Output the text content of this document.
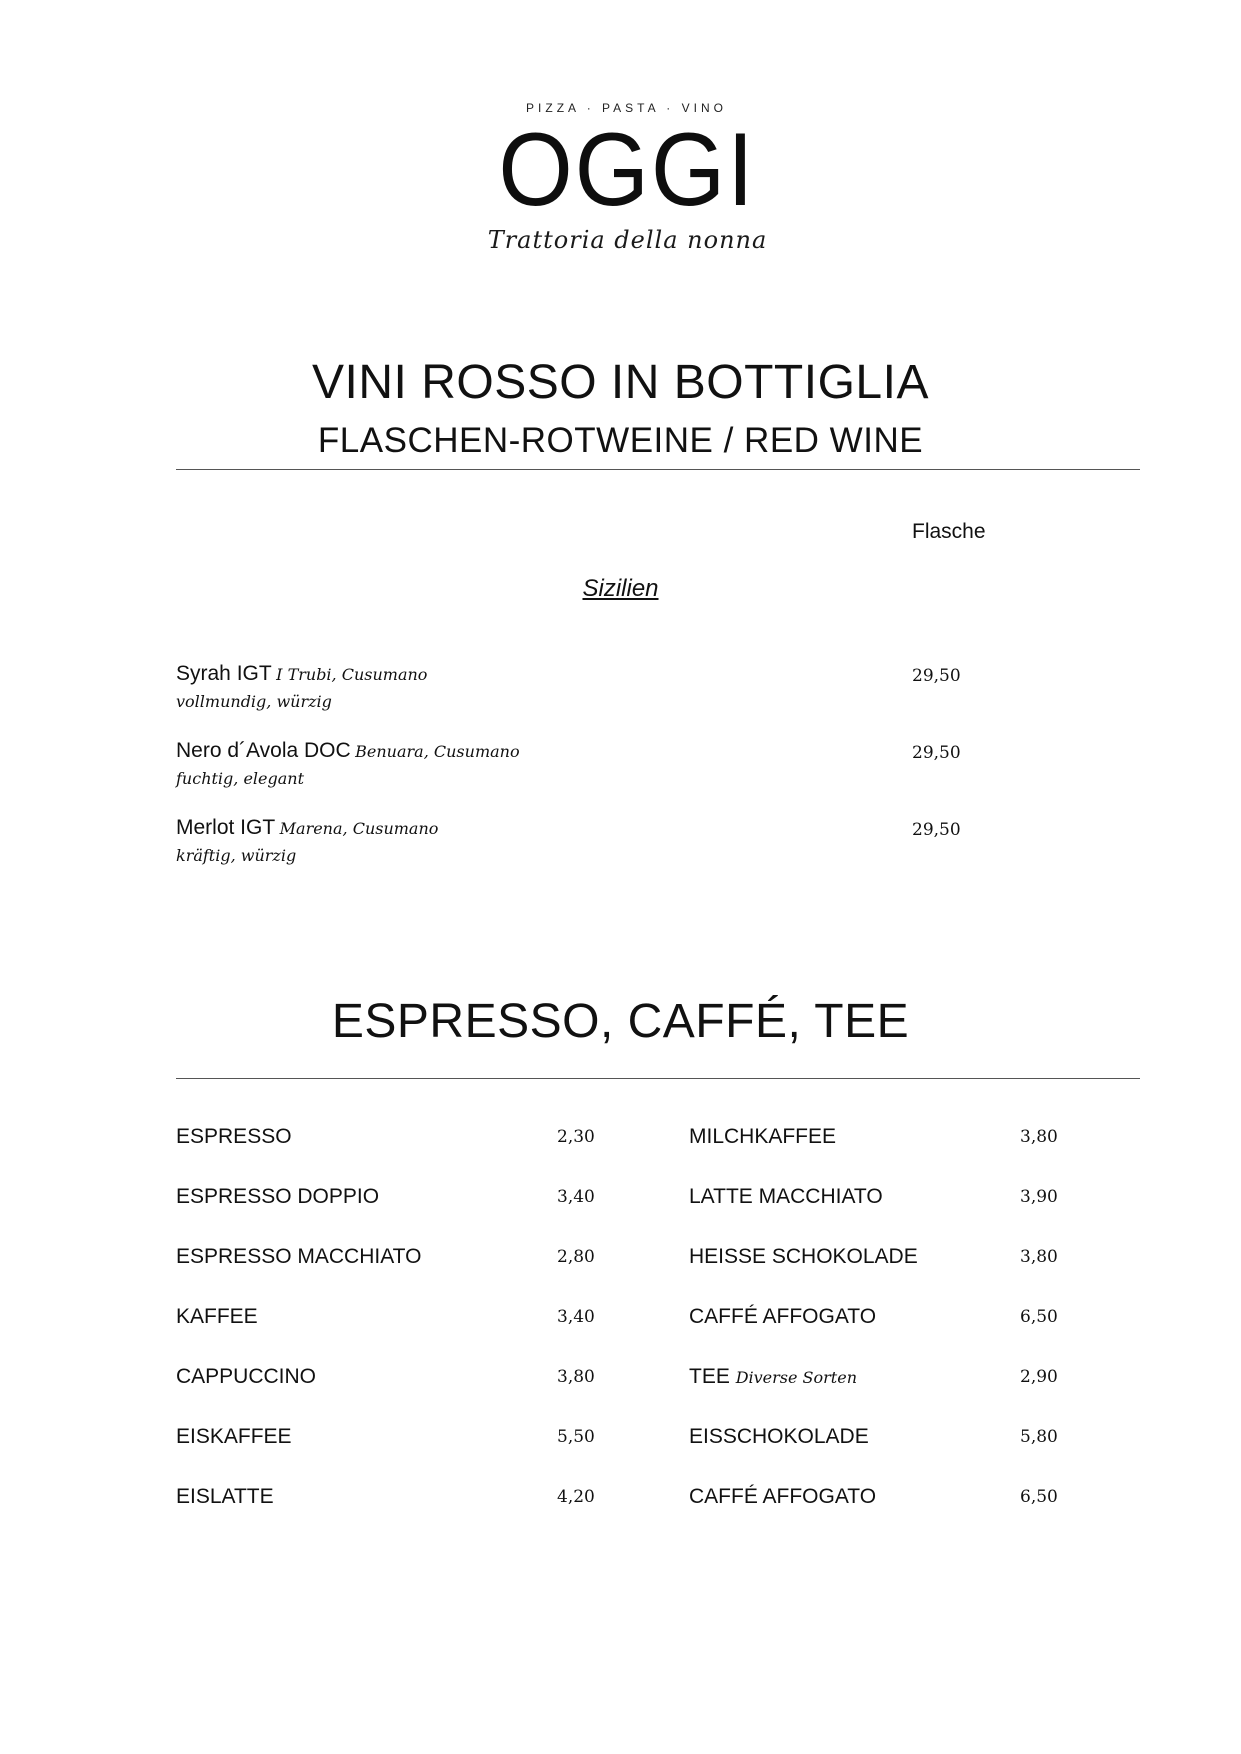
PIZZA · PASTA · VINO
OGGI
Trattoria della nonna
VINI ROSSO IN BOTTIGLIA
FLASCHEN-ROTWEINE / RED WINE
Flasche
Sizilien
Syrah IGT I Trubi, Cusumano
vollmundig, würzig
29,50
Nero d´Avola DOC Benuara, Cusumano
fuchtig, elegant
29,50
Merlot IGT Marena, Cusumano
kräftig, würzig
29,50
ESPRESSO, CAFFÉ, TEE
ESPRESSO	2,30
ESPRESSO DOPPIO	3,40
ESPRESSO MACCHIATO	2,80
KAFFEE	3,40
CAPPUCCINO	3,80
EISKAFFEE	5,50
EISLATTE	4,20
MILCHKAFFEE	3,80
LATTE MACCHIATO	3,90
HEISSE SCHOKOLADE	3,80
CAFFÉ AFFOGATO	6,50
TEE Diverse Sorten	2,90
EISSCHOKOLADE	5,80
CAFFÉ AFFOGATO	6,50
